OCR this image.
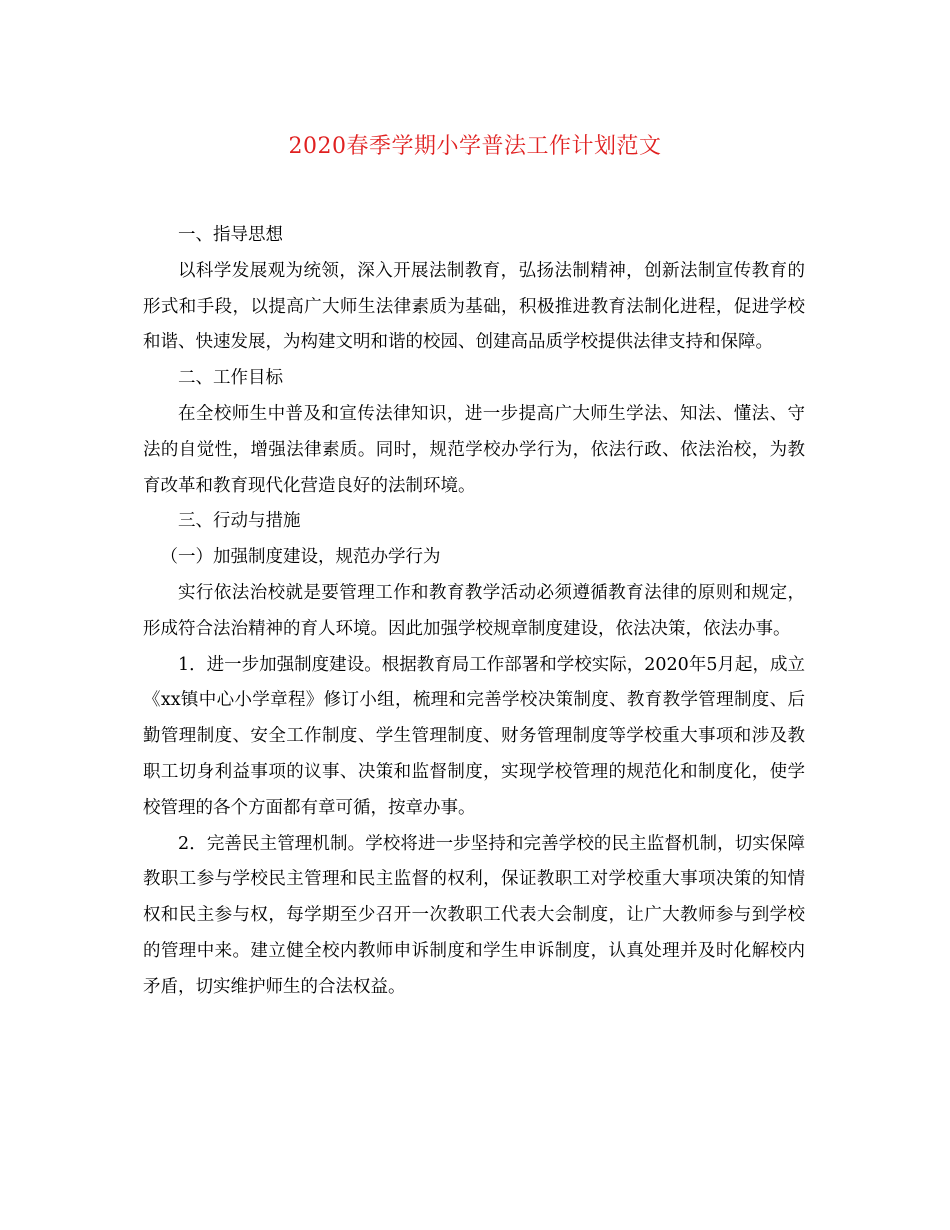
2020春季学期小学普法工作计划范文

一、指导思想

以科学发展观为统领，深入开展法制教育，弘扬法制精神，创新法制宣传教育的形式和手段，以提高广大师生法律素质为基础，积极推进教育法制化进程，促进学校和谐、快速发展，为构建文明和谐的校园、创建高品质学校提供法律支持和保障。

二、工作目标

在全校师生中普及和宣传法律知识，进一步提高广大师生学法、知法、懂法、守法的自觉性，增强法律素质。同时，规范学校办学行为，依法行政、依法治校，为教育改革和教育现代化营造良好的法制环境。

三、行动与措施

（一）加强制度建设，规范办学行为

实行依法治校就是要管理工作和教育教学活动必须遵循教育法律的原则和规定，形成符合法治精神的育人环境。因此加强学校规章制度建设，依法决策，依法办事。

1．进一步加强制度建设。根据教育局工作部署和学校实际，2020年5月起，成立《xx镇中心小学章程》修订小组，梳理和完善学校决策制度、教育教学管理制度、后勤管理制度、安全工作制度、学生管理制度、财务管理制度等学校重大事项和涉及教职工切身利益事项的议事、决策和监督制度，实现学校管理的规范化和制度化，使学校管理的各个方面都有章可循，按章办事。

2．完善民主管理机制。学校将进一步坚持和完善学校的民主监督机制，切实保障教职工参与学校民主管理和民主监督的权利，保证教职工对学校重大事项决策的知情权和民主参与权，每学期至少召开一次教职工代表大会制度，让广大教师参与到学校的管理中来。建立健全校内教师申诉制度和学生申诉制度，认真处理并及时化解校内矛盾，切实维护师生的合法权益。
